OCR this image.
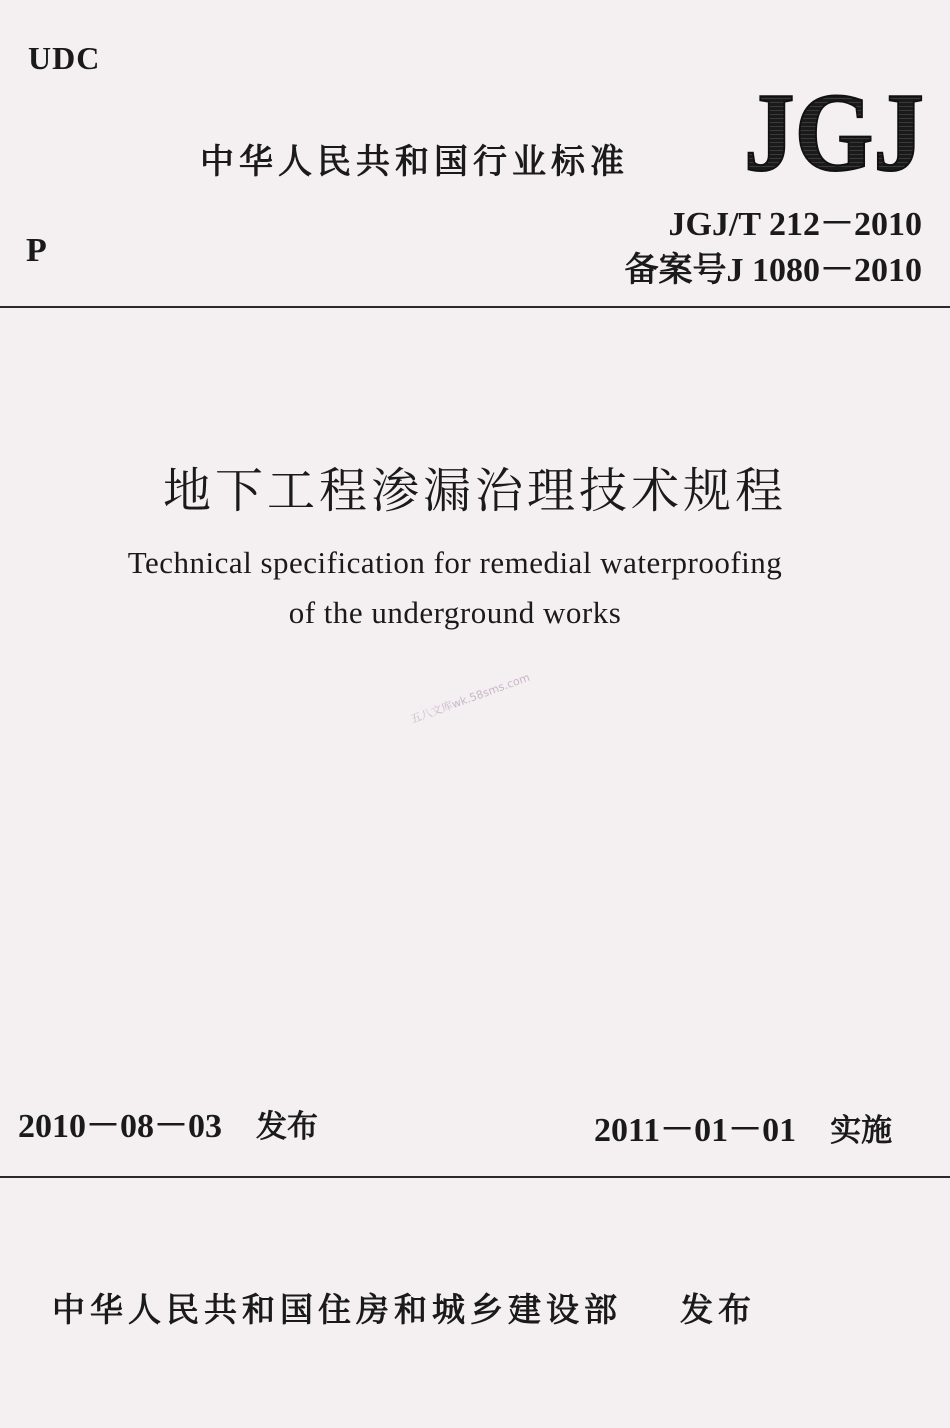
UDC
中华人民共和国行业标准 JGJ
P
JGJ/T 212－2010
备案号J 1080－2010
地下工程渗漏治理技术规程
Technical specification for remedial waterproofing
of the underground works
五八文库wk.58sms.com
2010－08－03 发布	2011－01－01 实施
中华人民共和国住房和城乡建设部 发布
